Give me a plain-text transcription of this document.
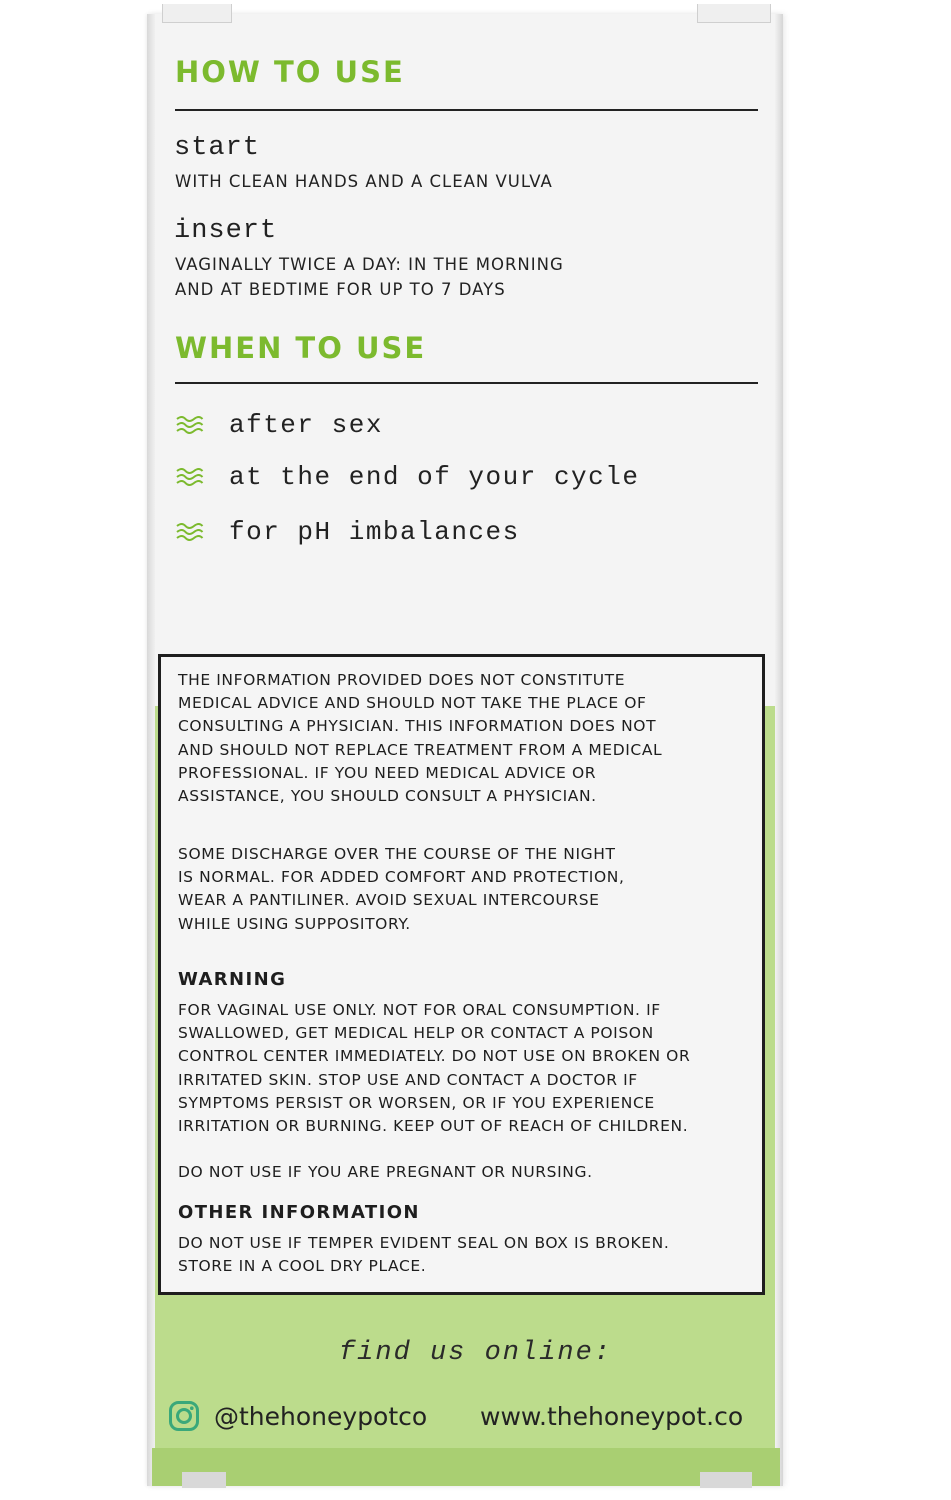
HOW TO USE
start
WITH CLEAN HANDS AND A CLEAN VULVA
insert
VAGINALLY TWICE A DAY: IN THE MORNING
AND AT BEDTIME FOR UP TO 7 DAYS
WHEN TO USE
after sex
at the end of your cycle
for pH imbalances
THE INFORMATION PROVIDED DOES NOT CONSTITUTE
MEDICAL ADVICE AND SHOULD NOT TAKE THE PLACE OF
CONSULTING A PHYSICIAN. THIS INFORMATION DOES NOT
AND SHOULD NOT REPLACE TREATMENT FROM A MEDICAL
PROFESSIONAL. IF YOU NEED MEDICAL ADVICE OR
ASSISTANCE, YOU SHOULD CONSULT A PHYSICIAN.
SOME DISCHARGE OVER THE COURSE OF THE NIGHT
IS NORMAL. FOR ADDED COMFORT AND PROTECTION,
WEAR A PANTILINER. AVOID SEXUAL INTERCOURSE
WHILE USING SUPPOSITORY.
WARNING
FOR VAGINAL USE ONLY. NOT FOR ORAL CONSUMPTION. IF
SWALLOWED, GET MEDICAL HELP OR CONTACT A POISON
CONTROL CENTER IMMEDIATELY. DO NOT USE ON BROKEN OR
IRRITATED SKIN. STOP USE AND CONTACT A DOCTOR IF
SYMPTOMS PERSIST OR WORSEN, OR IF YOU EXPERIENCE
IRRITATION OR BURNING. KEEP OUT OF REACH OF CHILDREN.
DO NOT USE IF YOU ARE PREGNANT OR NURSING.
OTHER INFORMATION
DO NOT USE IF TEMPER EVIDENT SEAL ON BOX IS BROKEN.
STORE IN A COOL DRY PLACE.
find us online:
@thehoneypotco www.thehoneypot.co
